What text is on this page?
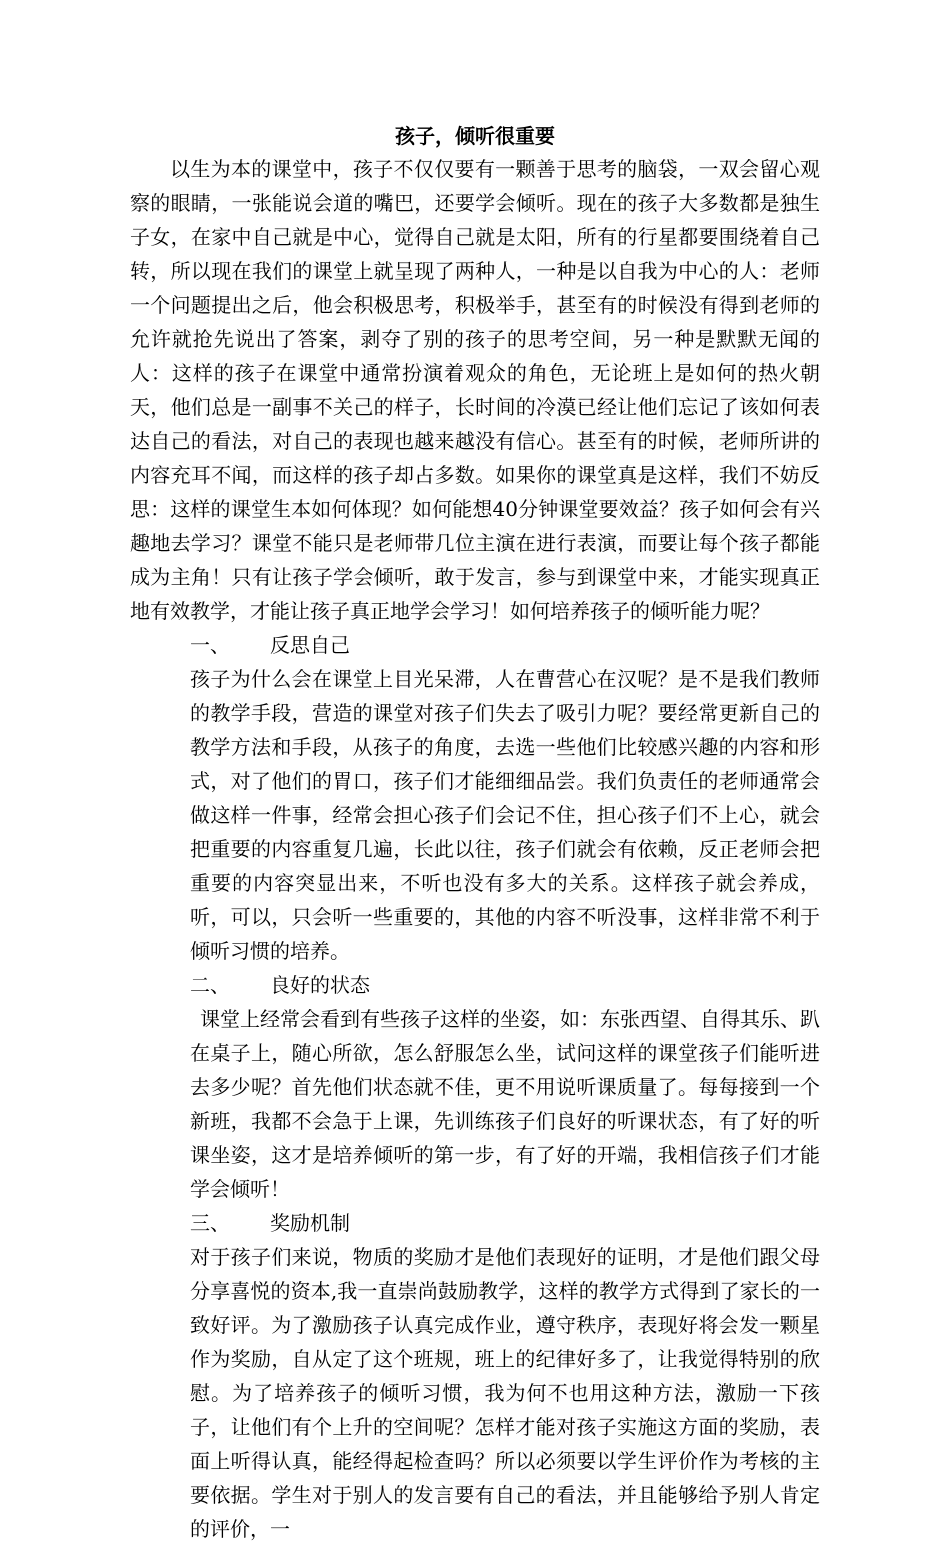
孩子，倾听很重要

以生为本的课堂中，孩子不仅仅要有一颗善于思考的脑袋，一双会留心观察的眼睛，一张能说会道的嘴巴，还要学会倾听。现在的孩子大多数都是独生子女，在家中自己就是中心，觉得自己就是太阳，所有的行星都要围绕着自己转，所以现在我们的课堂上就呈现了两种人，一种是以自我为中心的人：老师一个问题提出之后，他会积极思考，积极举手，甚至有的时候没有得到老师的允许就抢先说出了答案，剥夺了别的孩子的思考空间，另一种是默默无闻的人：这样的孩子在课堂中通常扮演着观众的角色，无论班上是如何的热火朝天，他们总是一副事不关己的样子，长时间的冷漠已经让他们忘记了该如何表达自己的看法，对自己的表现也越来越没有信心。甚至有的时候，老师所讲的内容充耳不闻，而这样的孩子却占多数。如果你的课堂真是这样，我们不妨反思：这样的课堂生本如何体现？如何能想40分钟课堂要效益？孩子如何会有兴趣地去学习？课堂不能只是老师带几位主演在进行表演，而要让每个孩子都能成为主角！只有让孩子学会倾听，敢于发言，参与到课堂中来，才能实现真正地有效教学，才能让孩子真正地学会学习！如何培养孩子的倾听能力呢？

一、 反思自己

孩子为什么会在课堂上目光呆滞，人在曹营心在汉呢？是不是我们教师的教学手段，营造的课堂对孩子们失去了吸引力呢？要经常更新自己的教学方法和手段，从孩子的角度，去选一些他们比较感兴趣的内容和形式，对了他们的胃口，孩子们才能细细品尝。我们负责任的老师通常会做这样一件事，经常会担心孩子们会记不住，担心孩子们不上心，就会把重要的内容重复几遍，长此以往，孩子们就会有依赖，反正老师会把重要的内容突显出来，不听也没有多大的关系。这样孩子就会养成，听，可以，只会听一些重要的，其他的内容不听没事，这样非常不利于倾听习惯的培养。

二、 良好的状态

课堂上经常会看到有些孩子这样的坐姿，如：东张西望、自得其乐、趴在桌子上，随心所欲，怎么舒服怎么坐，试问这样的课堂孩子们能听进去多少呢？首先他们状态就不佳，更不用说听课质量了。每每接到一个新班，我都不会急于上课，先训练孩子们良好的听课状态，有了好的听课坐姿，这才是培养倾听的第一步，有了好的开端，我相信孩子们才能学会倾听！

三、 奖励机制

对于孩子们来说，物质的奖励才是他们表现好的证明，才是他们跟父母分享喜悦的资本,我一直崇尚鼓励教学，这样的教学方式得到了家长的一致好评。为了激励孩子认真完成作业，遵守秩序，表现好将会发一颗星作为奖励，自从定了这个班规，班上的纪律好多了，让我觉得特别的欣慰。为了培养孩子的倾听习惯，我为何不也用这种方法，激励一下孩子，让他们有个上升的空间呢？怎样才能对孩子实施这方面的奖励，表面上听得认真，能经得起检查吗？所以必须要以学生评价作为考核的主要依据。学生对于别人的发言要有自己的看法，并且能够给予别人肯定的评价，一
